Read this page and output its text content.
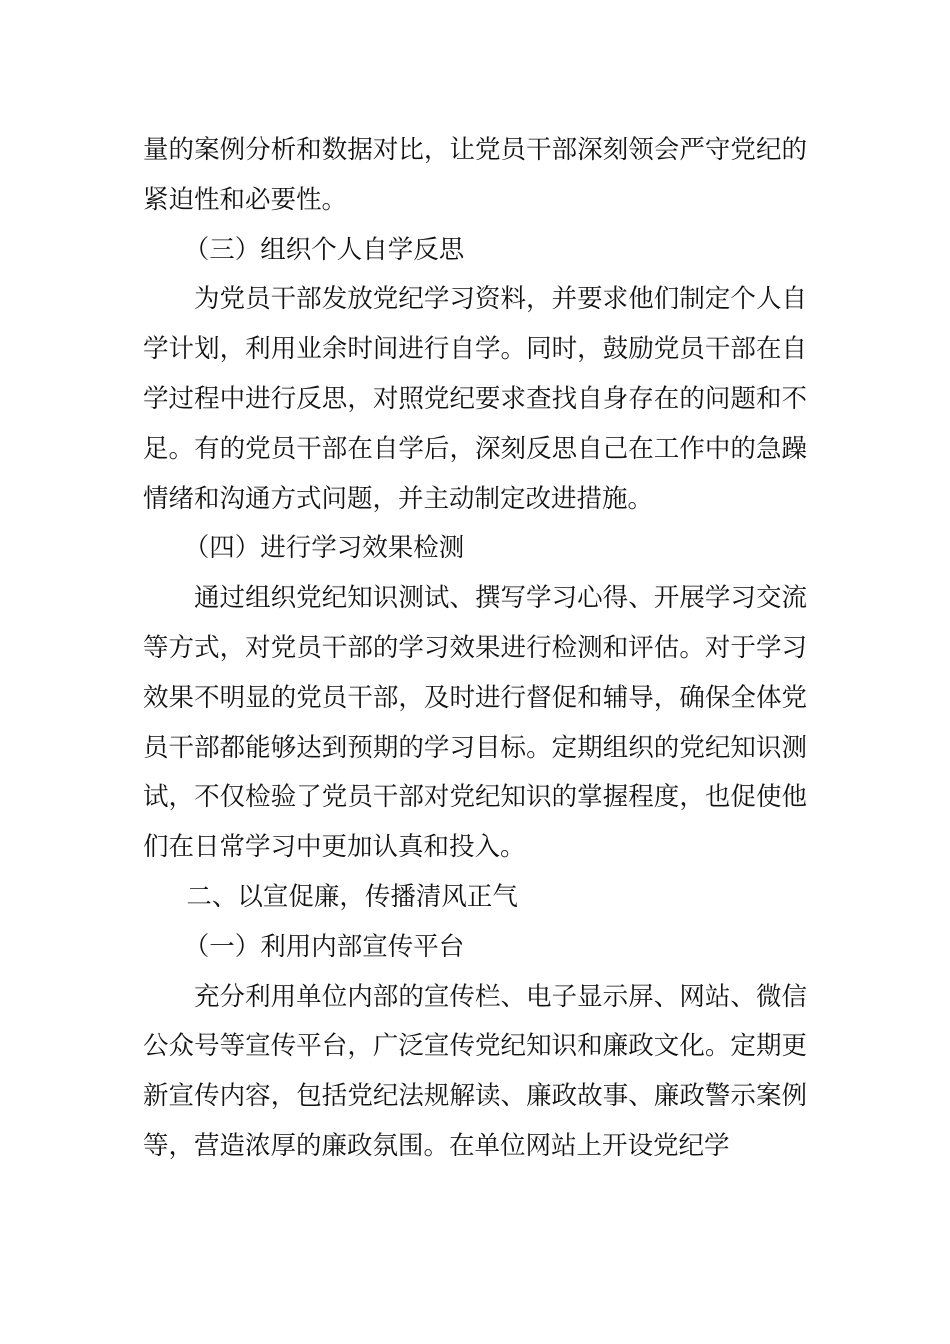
量的案例分析和数据对比，让党员干部深刻领会严守党纪的紧迫性和必要性。

（三）组织个人自学反思

为党员干部发放党纪学习资料，并要求他们制定个人自学计划，利用业余时间进行自学。同时，鼓励党员干部在自学过程中进行反思，对照党纪要求查找自身存在的问题和不足。有的党员干部在自学后，深刻反思自己在工作中的急躁情绪和沟通方式问题，并主动制定改进措施。

（四）进行学习效果检测

通过组织党纪知识测试、撰写学习心得、开展学习交流等方式，对党员干部的学习效果进行检测和评估。对于学习效果不明显的党员干部，及时进行督促和辅导，确保全体党员干部都能够达到预期的学习目标。定期组织的党纪知识测试，不仅检验了党员干部对党纪知识的掌握程度，也促使他们在日常学习中更加认真和投入。

二、以宣促廉，传播清风正气

（一）利用内部宣传平台

充分利用单位内部的宣传栏、电子显示屏、网站、微信公众号等宣传平台，广泛宣传党纪知识和廉政文化。定期更新宣传内容，包括党纪法规解读、廉政故事、廉政警示案例等，营造浓厚的廉政氛围。在单位网站上开设党纪学
